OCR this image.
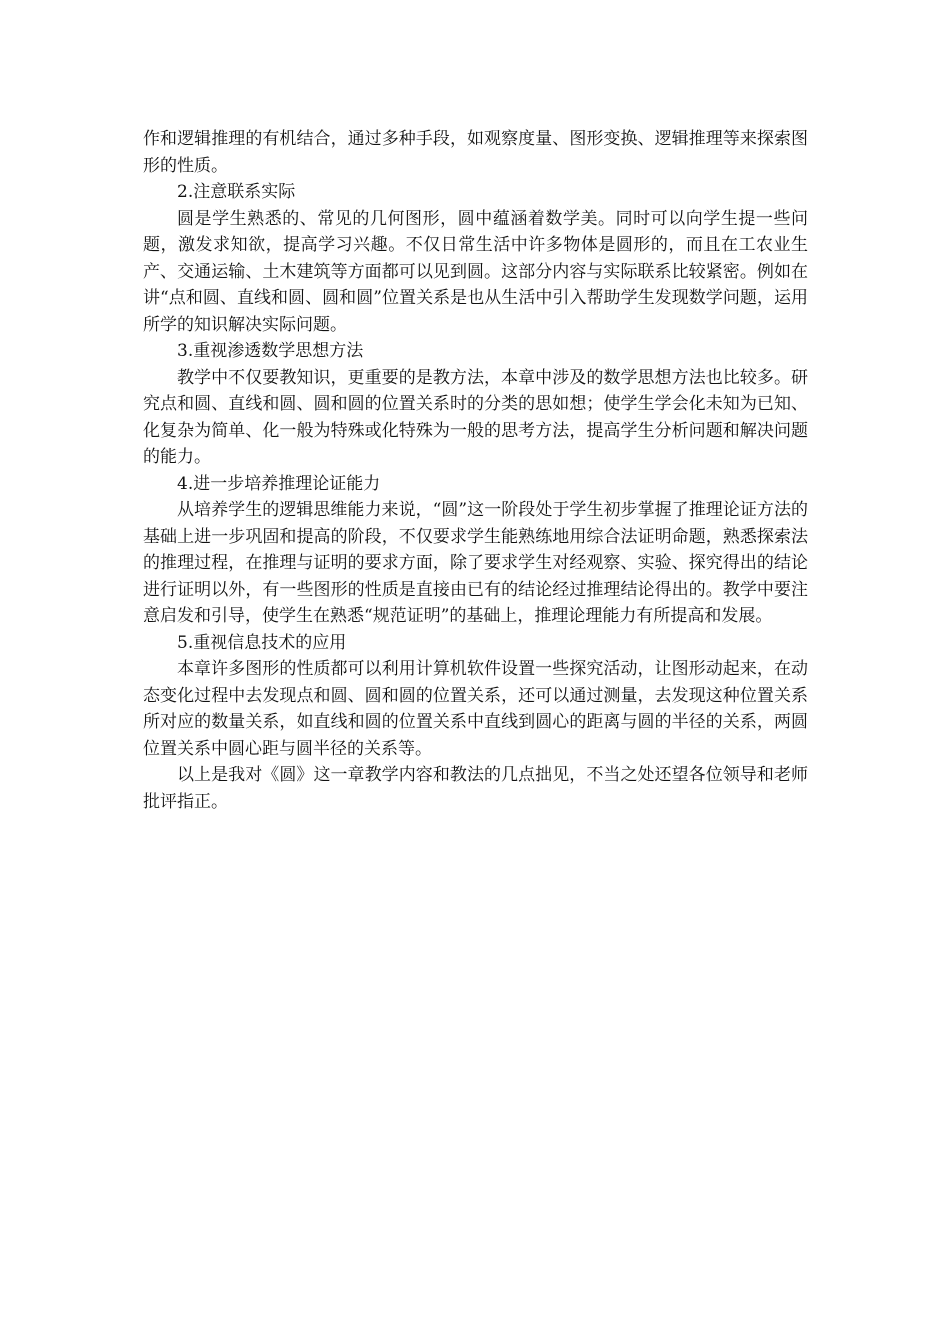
作和逻辑推理的有机结合，通过多种手段，如观察度量、图形变换、逻辑推理等来探索图形的性质。

2.注意联系实际

圆是学生熟悉的、常见的几何图形，圆中蕴涵着数学美。同时可以向学生提一些问题，激发求知欲，提高学习兴趣。不仅日常生活中许多物体是圆形的，而且在工农业生产、交通运输、土木建筑等方面都可以见到圆。这部分内容与实际联系比较紧密。例如在讲“点和圆、直线和圆、圆和圆”位置关系是也从生活中引入帮助学生发现数学问题，运用所学的知识解决实际问题。

3.重视渗透数学思想方法

教学中不仅要教知识，更重要的是教方法，本章中涉及的数学思想方法也比较多。研究点和圆、直线和圆、圆和圆的位置关系时的分类的思如想；使学生学会化未知为已知、化复杂为简单、化一般为特殊或化特殊为一般的思考方法，提高学生分析问题和解决问题的能力。

4.进一步培养推理论证能力

从培养学生的逻辑思维能力来说，“圆”这一阶段处于学生初步掌握了推理论证方法的基础上进一步巩固和提高的阶段，不仅要求学生能熟练地用综合法证明命题，熟悉探索法的推理过程，在推理与证明的要求方面，除了要求学生对经观察、实验、探究得出的结论进行证明以外，有一些图形的性质是直接由已有的结论经过推理结论得出的。教学中要注意启发和引导，使学生在熟悉“规范证明”的基础上，推理论理能力有所提高和发展。

5.重视信息技术的应用

本章许多图形的性质都可以利用计算机软件设置一些探究活动，让图形动起来，在动态变化过程中去发现点和圆、圆和圆的位置关系，还可以通过测量，去发现这种位置关系所对应的数量关系，如直线和圆的位置关系中直线到圆心的距离与圆的半径的关系，两圆位置关系中圆心距与圆半径的关系等。

以上是我对《圆》这一章教学内容和教法的几点拙见，不当之处还望各位领导和老师批评指正。
